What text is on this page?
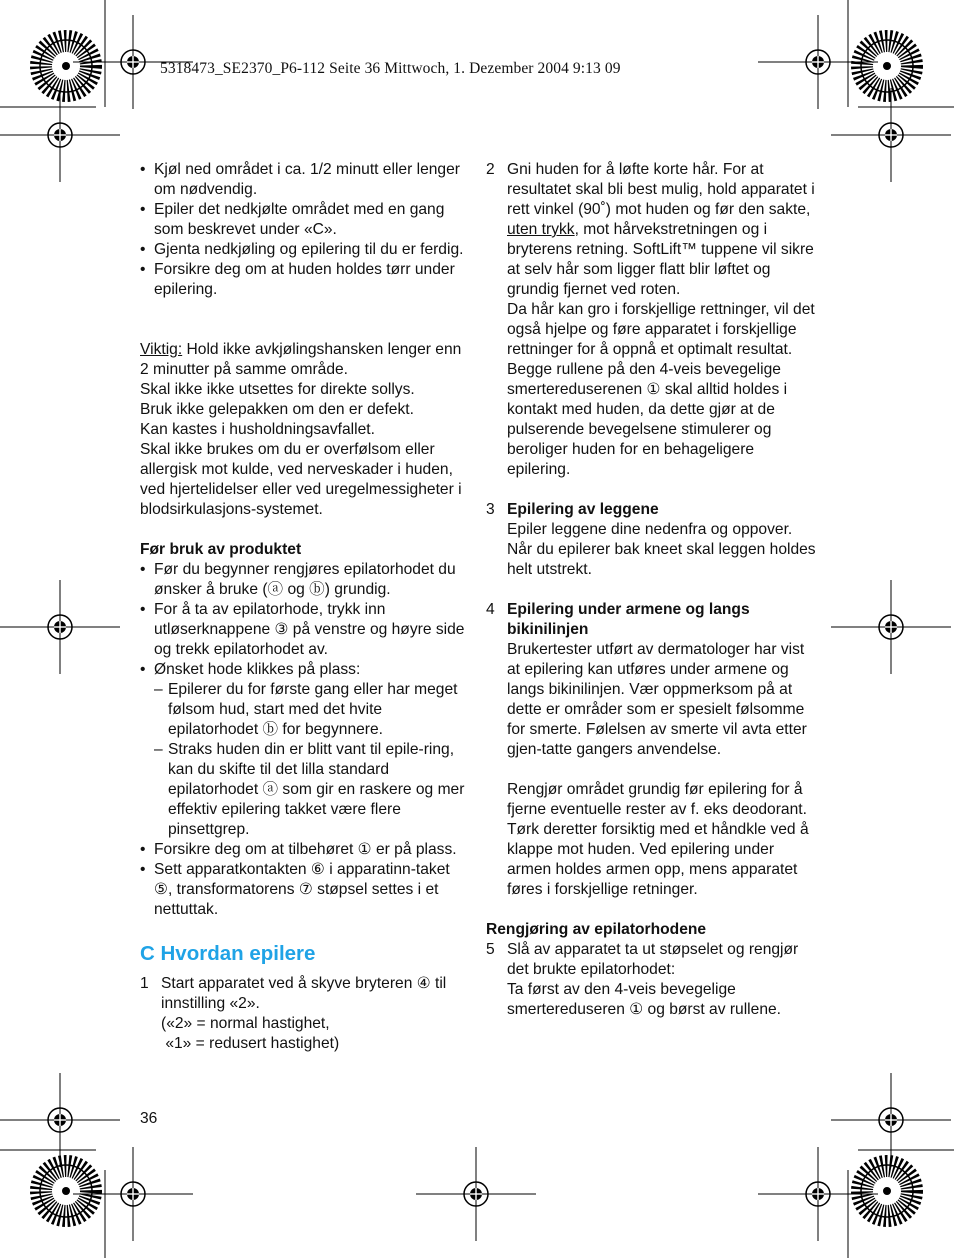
5318473_SE2370_P6-112 Seite 36 Mittwoch, 1. Dezember 2004 9:13 09
• Kjøl ned området i ca. 1/2 minutt eller lenger om nødvendig.
• Epiler det nedkjølte området med en gang som beskrevet under «C».
• Gjenta nedkjøling og epilering til du er ferdig.
• Forsikre deg om at huden holdes tørr under epilering.

Viktig: Hold ikke avkjølingshansken lenger enn 2 minutter på samme område.

Skal ikke ikke utsettes for direkte sollys.

Bruk ikke gelepakken om den er defekt.

Kan kastes i husholdningsavfallet.

Skal ikke brukes om du er overfølsom eller allergisk mot kulde, ved nerveskader i huden, ved hjertelidelser eller ved uregelmessigheter i blodsirkulasjons-systemet.

Før bruk av produktet

• Før du begynner rengjøres epilatorhodet du ønsker å bruke (ⓐ og ⓑ) grundig.
• For å ta av epilatorhode, trykk inn utløserknappene ③ på venstre og høyre side og trekk epilatorhodet av.
• Ønsket hode klikkes på plass:
– Epilerer du for første gang eller har meget følsom hud, start med det hvite epilatorhodet ⓑ for begynnere.
– Straks huden din er blitt vant til epile-ring, kan du skifte til det lilla standard epilatorhodet ⓐ som gir en raskere og mer effektiv epilering takket være flere pinsettgrep.
• Forsikre deg om at tilbehøret ① er på plass.
• Sett apparatkontakten ⑥ i apparatinn-taket ⑤, transformatorens ⑦ støpsel settes i et nettuttak.

C Hvordan epilere

1 Start apparatet ved å skyve bryteren ④ til innstilling «2».
(«2» = normal hastighet,
«1» = redusert hastighet)
2 Gni huden for å løfte korte hår. For at resultatet skal bli best mulig, hold apparatet i rett vinkel (90˚) mot huden og før den sakte, uten trykk, mot hårvekstretningen og i bryterens retning. SoftLift™ tuppene vil sikre at selv hår som ligger flatt blir løftet og grundig fjernet ved roten.
Da hår kan gro i forskjellige rettninger, vil det også hjelpe og føre apparatet i forskjellige rettninger for å oppnå et optimalt resultat. Begge rullene på den 4-veis bevegelige smertereduserenen ① skal alltid holdes i kontakt med huden, da dette gjør at de pulserende bevegelsene stimulerer og beroliger huden for en behageligere epilering.
3 Epilering av leggene
Epiler leggene dine nedenfra og oppover. Når du epilerer bak kneet skal leggen holdes helt utstrekt.
4 Epilering under armene og langs bikinilinjen
Brukertester utført av dermatologer har vist at epilering kan utføres under armene og langs bikinilinjen. Vær oppmerksom på at dette er områder som er spesielt følsomme for smerte. Følelsen av smerte vil avta etter gjen-tatte gangers anvendelse.
Rengjør området grundig før epilering for å fjerne eventuelle rester av f. eks deodorant. Tørk deretter forsiktig med et håndkle ved å klappe mot huden. Ved epilering under armen holdes armen opp, mens apparatet føres i forskjellige retninger.

Rengjøring av epilatorhodene

5 Slå av apparatet ta ut støpselet og rengjør det brukte epilatorhodet:
Ta først av den 4-veis bevegelige smertereduseren ① og børst av rullene.
36
